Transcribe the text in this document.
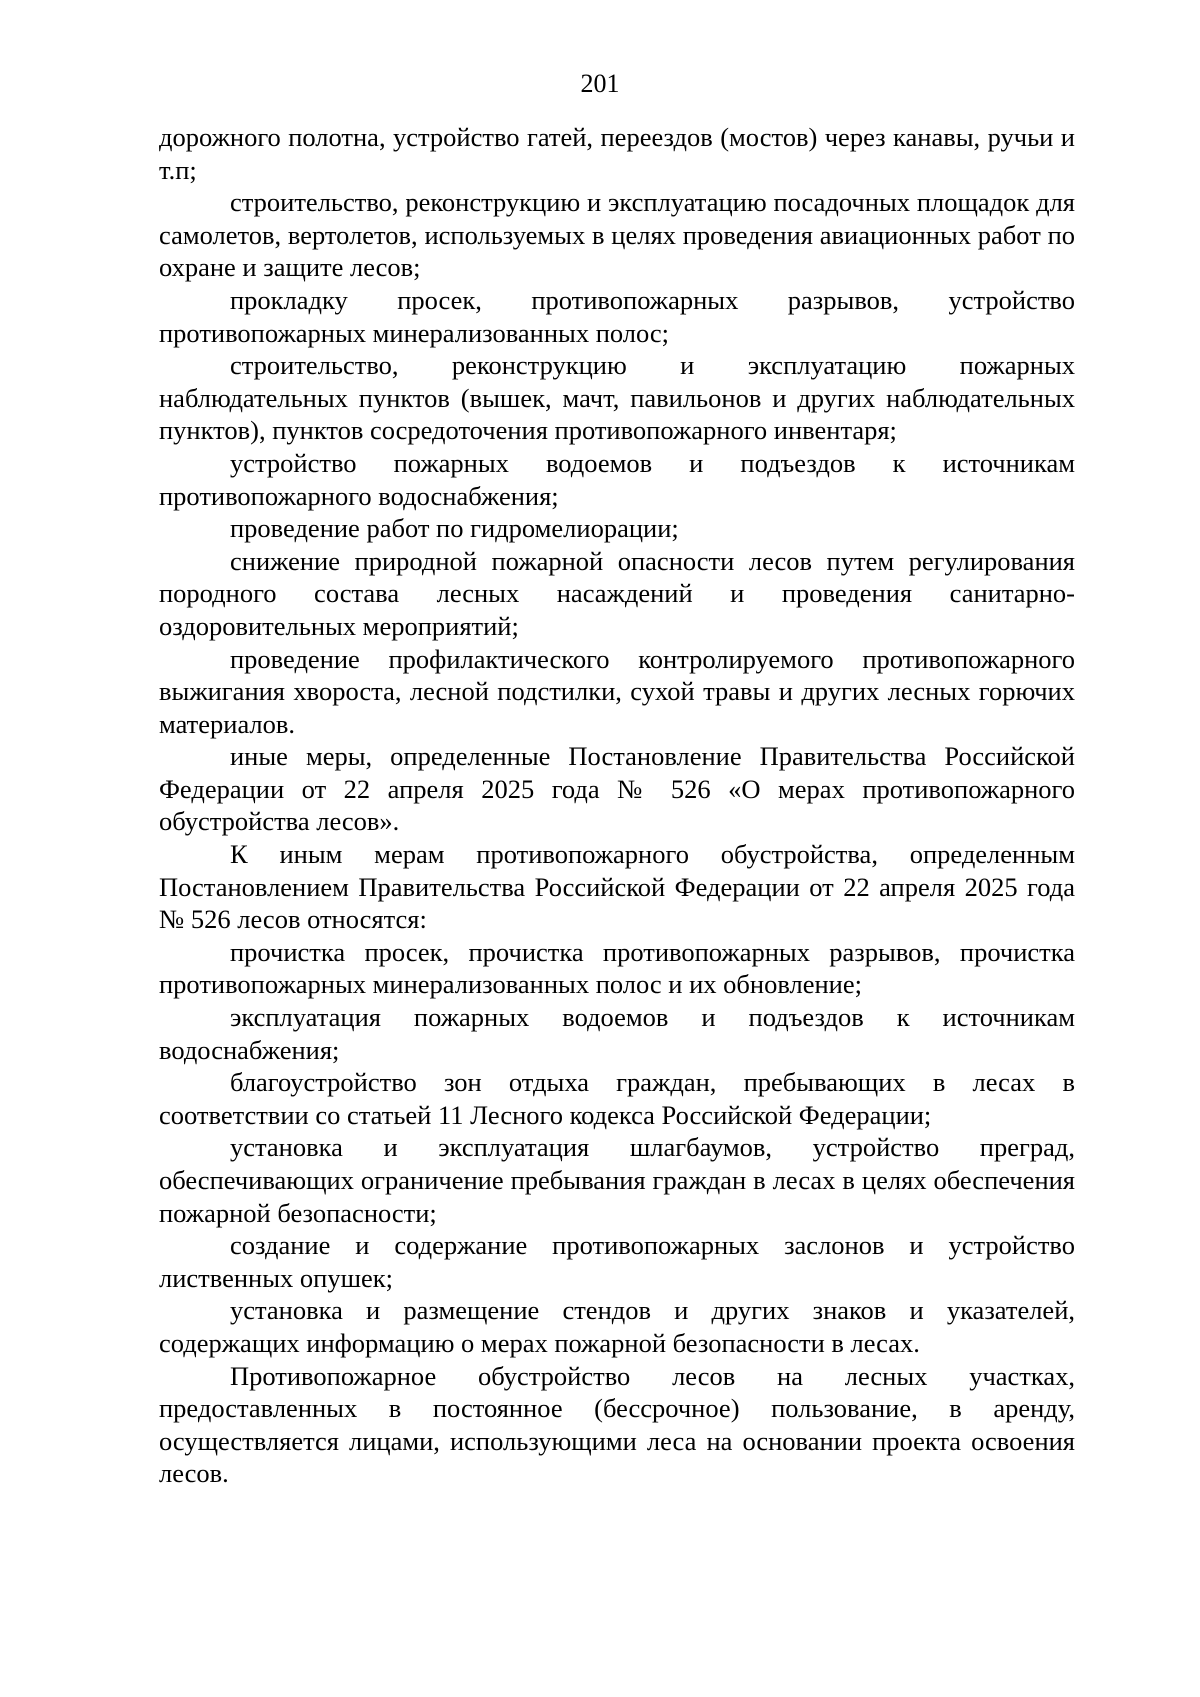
201

дорожного полотна, устройство гатей, переездов (мостов) через канавы, ручьи и т.п;

строительство, реконструкцию и эксплуатацию посадочных площадок для самолетов, вертолетов, используемых в целях проведения авиационных работ по охране и защите лесов;

прокладку просек, противопожарных разрывов, устройство противопожарных минерализованных полос;

строительство, реконструкцию и эксплуатацию пожарных наблюдательных пунктов (вышек, мачт, павильонов и других наблюдательных пунктов), пунктов сосредоточения противопожарного инвентаря;

устройство пожарных водоемов и подъездов к источникам противопожарного водоснабжения;

проведение работ по гидромелиорации;

снижение природной пожарной опасности лесов путем регулирования породного состава лесных насаждений и проведения санитарно-оздоровительных мероприятий;

проведение профилактического контролируемого противопожарного выжигания хвороста, лесной подстилки, сухой травы и других лесных горючих материалов.

иные меры, определенные Постановление Правительства Российской Федерации от 22 апреля 2025 года № 526 «О мерах противопожарного обустройства лесов».

К иным мерам противопожарного обустройства, определенным Постановлением Правительства Российской Федерации от 22 апреля 2025 года № 526 лесов относятся:

прочистка просек, прочистка противопожарных разрывов, прочистка противопожарных минерализованных полос и их обновление;

эксплуатация пожарных водоемов и подъездов к источникам водоснабжения;

благоустройство зон отдыха граждан, пребывающих в лесах в соответствии со статьей 11 Лесного кодекса Российской Федерации;

установка и эксплуатация шлагбаумов, устройство преград, обеспечивающих ограничение пребывания граждан в лесах в целях обеспечения пожарной безопасности;

создание и содержание противопожарных заслонов и устройство лиственных опушек;

установка и размещение стендов и других знаков и указателей, содержащих информацию о мерах пожарной безопасности в лесах.

Противопожарное обустройство лесов на лесных участках, предоставленных в постоянное (бессрочное) пользование, в аренду, осуществляется лицами, использующими леса на основании проекта освоения лесов.
